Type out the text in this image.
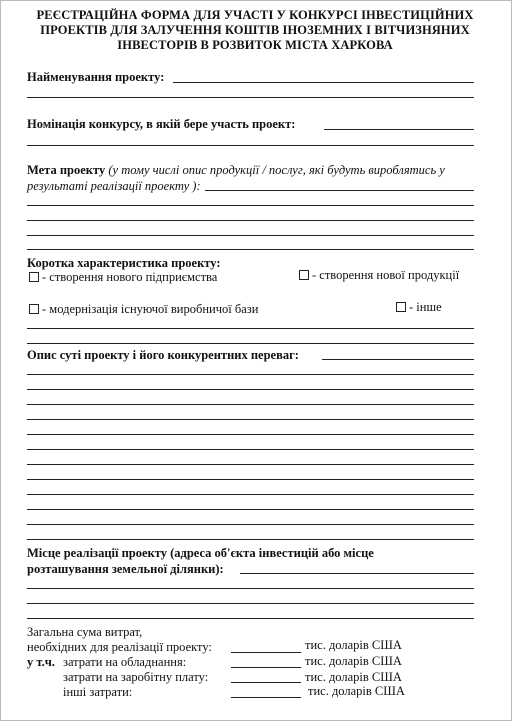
РЕЄСТРАЦІЙНА ФОРМА ДЛЯ УЧАСТІ У КОНКУРСІ ІНВЕСТИЦІЙНИХ
ПРОЕКТІВ ДЛЯ ЗАЛУЧЕННЯ КОШТІВ ІНОЗЕМНИХ І ВІТЧИЗНЯНИХ
ІНВЕСТОРІВ В РОЗВИТОК МІСТА ХАРКОВА
Найменування проекту:
Номінація конкурсу, в якій бере участь проект:
Мета проекту (у тому числі опис продукції / послуг, які будуть вироблятись у
результаті реалізації проекту ):
Коротка характеристика проекту:
- створення нового підприємства	- створення нової продукції
- модернізація існуючої виробничої бази	- інше
Опис суті проекту і його конкурентних переваг:
Місце реалізації проекту (адреса об'єкта інвестицій або місце
розташування земельної ділянки):
Загальна сума витрат,
необхідних для реалізації проекту:	тис. доларів США
у т.ч. затрати на обладнання:	тис. доларів США
затрати на заробітну плату:	тис. доларів США
інші затрати:	тис. доларів США
